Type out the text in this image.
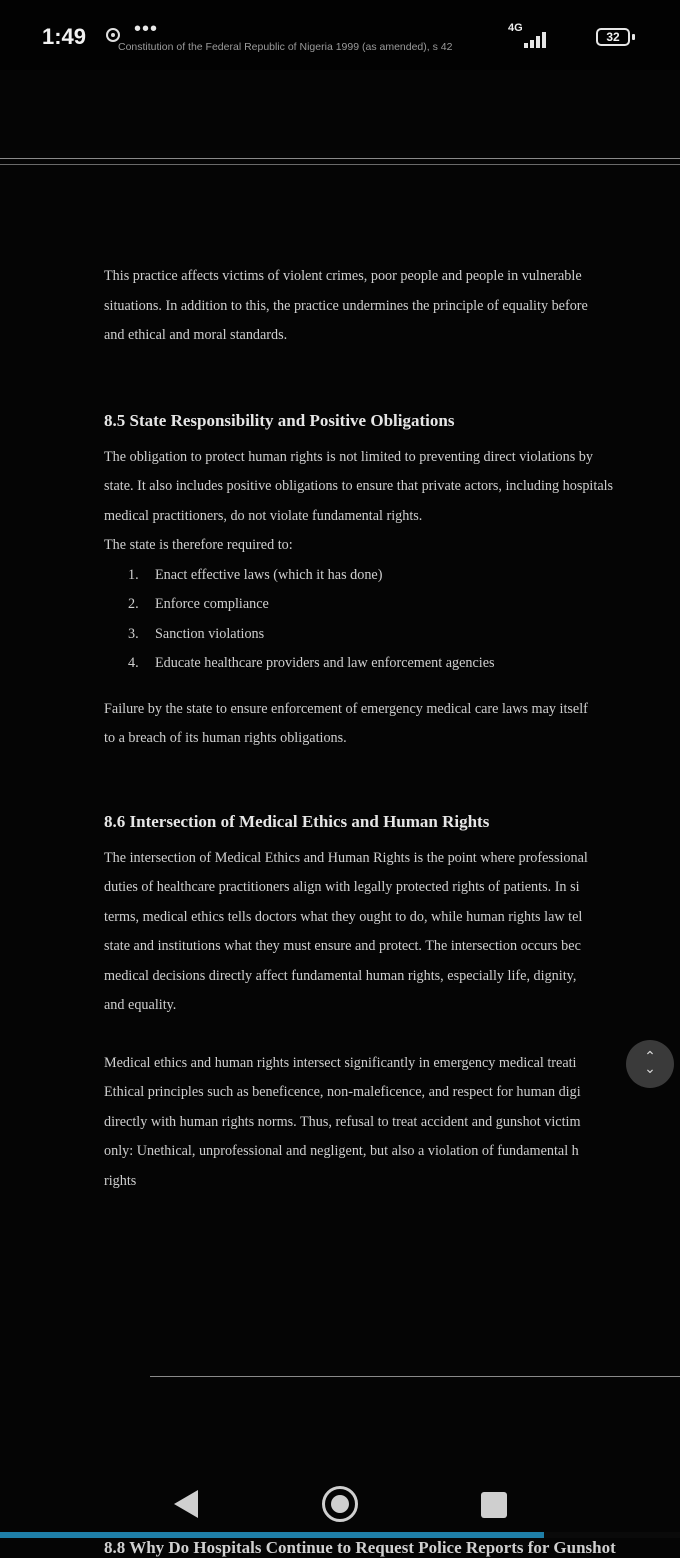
1:49 •••	4G
32
Constitution of the Federal Republic of Nigeria 1999 (as amended), s 42

This practice affects victims of violent crimes, poor people and people in vulnerable
situations. In addition to this, the practice undermines the principle of equality before
and ethical and moral standards.

8.5 State Responsibility and Positive Obligations

The obligation to protect human rights is not limited to preventing direct violations by
state. It also includes positive obligations to ensure that private actors, including hospitals
medical practitioners, do not violate fundamental rights.

The state is therefore required to:

1. Enact effective laws (which it has done)
2. Enforce compliance
3. Sanction violations
4. Educate healthcare providers and law enforcement agencies

Failure by the state to ensure enforcement of emergency medical care laws may itself
to a breach of its human rights obligations.

8.6 Intersection of Medical Ethics and Human Rights

The intersection of Medical Ethics and Human Rights is the point where professional
duties of healthcare practitioners align with legally protected rights of patients. In si
terms, medical ethics tells doctors what they ought to do, while human rights law tel
state and institutions what they must ensure and protect. The intersection occurs bec
medical decisions directly affect fundamental human rights, especially life, dignity,
and equality.

Medical ethics and human rights intersect significantly in emergency medical treati
Ethical principles such as beneficence, non-maleficence, and respect for human digi
directly with human rights norms. Thus, refusal to treat accident and gunshot victim
only: Unethical, unprofessional and negligent, but also a violation of fundamental h
rights

⌃
⌄
8.8 Why Do Hospitals Continue to Request Police Reports for Gunshot
